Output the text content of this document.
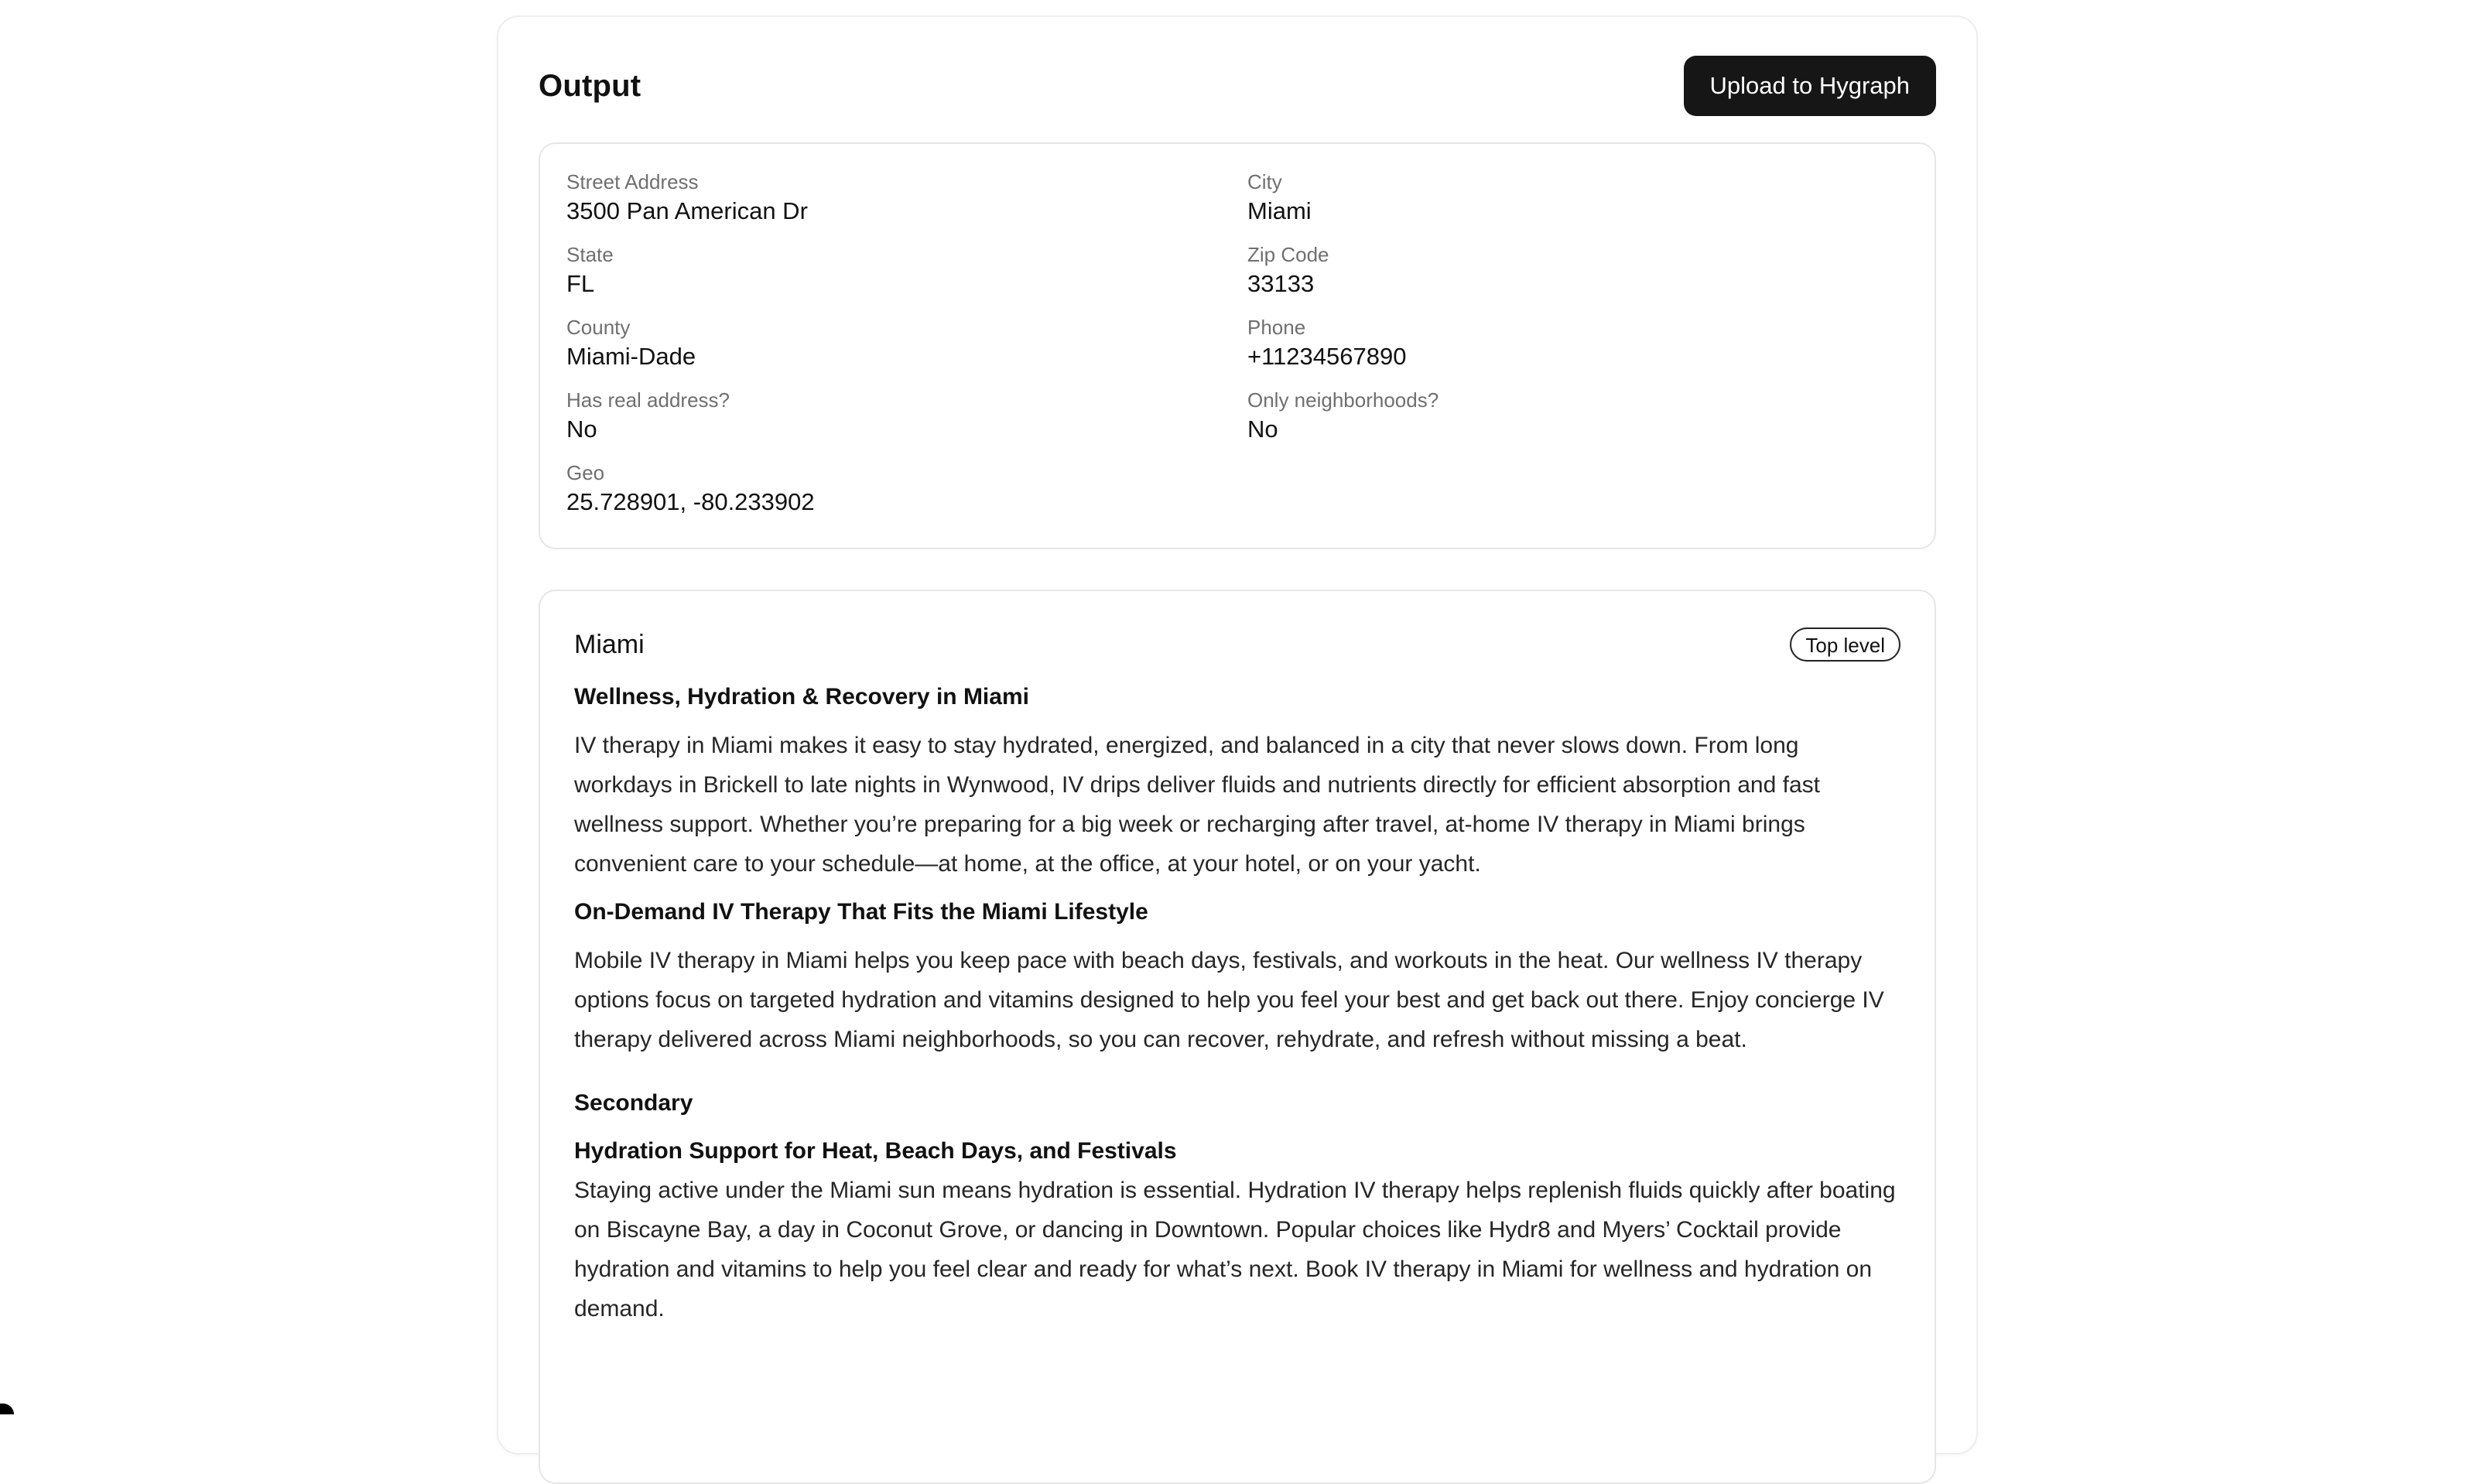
Output	Upload to Hygraph
Street Address
3500 Pan American Dr
City
Miami
State
FL
Zip Code
33133
County
Miami-Dade
Phone
+11234567890
Has real address?
No
Only neighborhoods?
No
Geo
25.728901, -80.233902
Miami	Top level
Wellness, Hydration & Recovery in Miami

IV therapy in Miami makes it easy to stay hydrated, energized, and balanced in a city that never slows down. From long workdays in Brickell to late nights in Wynwood, IV drips deliver fluids and nutrients directly for efficient absorption and fast wellness support. Whether you’re preparing for a big week or recharging after travel, at-home IV therapy in Miami brings convenient care to your schedule—at home, at the office, at your hotel, or on your yacht.

On-Demand IV Therapy That Fits the Miami Lifestyle

Mobile IV therapy in Miami helps you keep pace with beach days, festivals, and workouts in the heat. Our wellness IV therapy options focus on targeted hydration and vitamins designed to help you feel your best and get back out there. Enjoy concierge IV therapy delivered across Miami neighborhoods, so you can recover, rehydrate, and refresh without missing a beat.

Secondary
Hydration Support for Heat, Beach Days, and Festivals

Staying active under the Miami sun means hydration is essential. Hydration IV therapy helps replenish fluids quickly after boating on Biscayne Bay, a day in Coconut Grove, or dancing in Downtown. Popular choices like Hydr8 and Myers’ Cocktail provide hydration and vitamins to help you feel clear and ready for what’s next. Book IV therapy in Miami for wellness and hydration on demand.
